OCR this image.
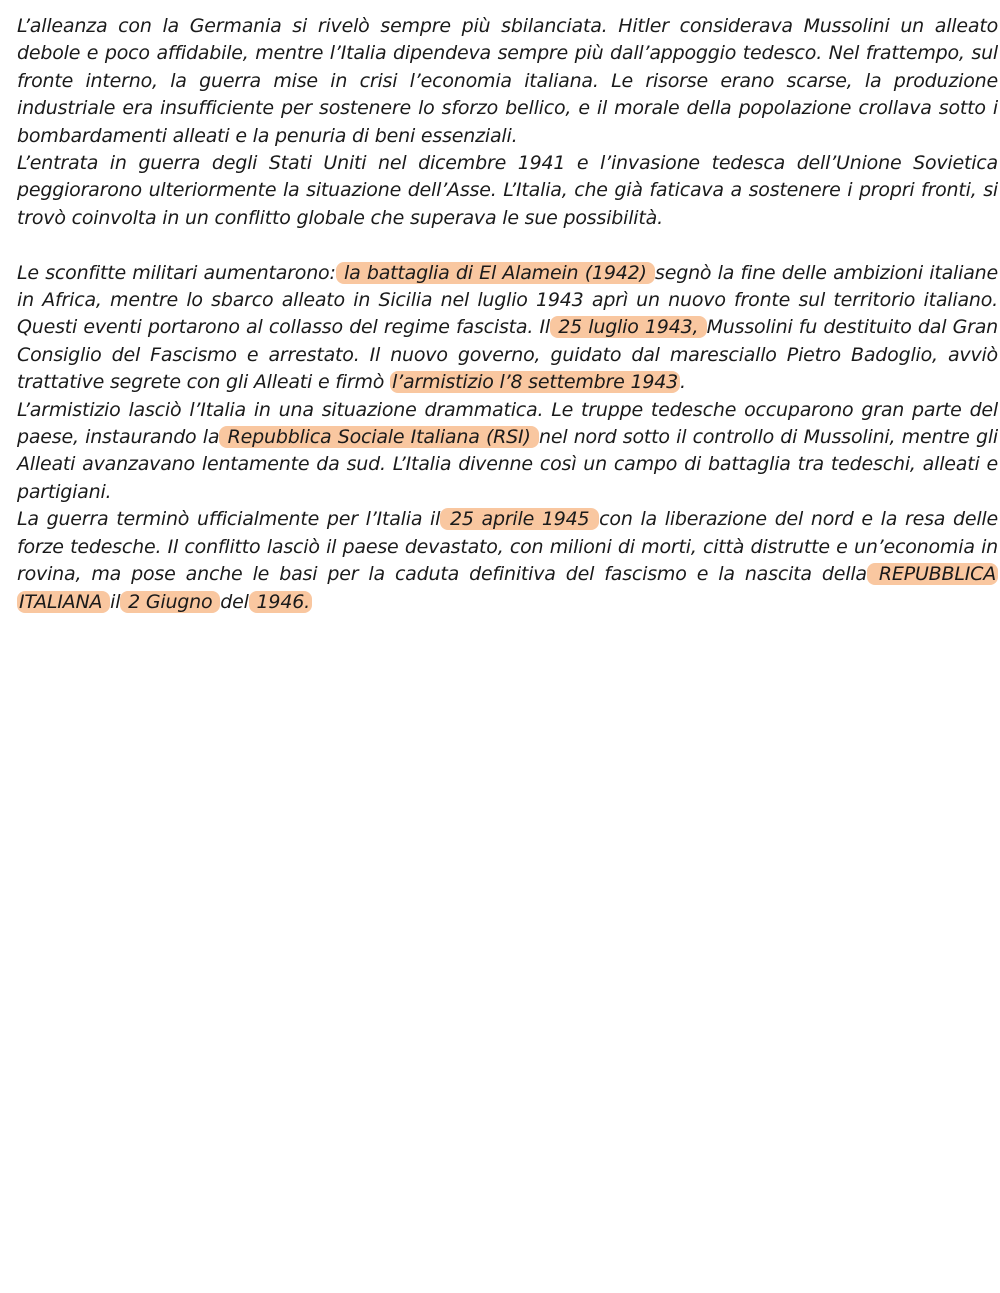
L’alleanza con la Germania si rivelò sempre più sbilanciata. Hitler considerava Mussolini un alleato debole e poco affidabile, mentre l’Italia dipendeva sempre più dall’appoggio tedesco. Nel frattempo, sul fronte interno, la guerra mise in crisi l’economia italiana. Le risorse erano scarse, la produzione industriale era insufficiente per sostenere lo sforzo bellico, e il morale della popolazione crollava sotto i bombardamenti alleati e la penuria di beni essenziali.

L’entrata in guerra degli Stati Uniti nel dicembre 1941 e l’invasione tedesca dell’Unione Sovietica peggiorarono ulteriormente la situazione dell’Asse. L’Italia, che già faticava a sostenere i propri fronti, si trovò coinvolta in un conflitto globale che superava le sue possibilità.

Le sconfitte militari aumentarono: la battaglia di El Alamein (1942) segnò la fine delle ambizioni italiane in Africa, mentre lo sbarco alleato in Sicilia nel luglio 1943 aprì un nuovo fronte sul territorio italiano. Questi eventi portarono al collasso del regime fascista. Il 25 luglio 1943, Mussolini fu destituito dal Gran Consiglio del Fascismo e arrestato. Il nuovo governo, guidato dal maresciallo Pietro Badoglio, avviò trattative segrete con gli Alleati e firmò l’armistizio l’8 settembre 1943 .

L’armistizio lasciò l’Italia in una situazione drammatica. Le truppe tedesche occuparono gran parte del paese, instaurando la Repubblica Sociale Italiana (RSI) nel nord sotto il controllo di Mussolini, mentre gli Alleati avanzavano lentamente da sud. L’Italia divenne così un campo di battaglia tra tedeschi, alleati e partigiani.

La guerra terminò ufficialmente per l’Italia il 25 aprile 1945 con la liberazione del nord e la resa delle forze tedesche. Il conflitto lasciò il paese devastato, con milioni di morti, città distrutte e un’economia in rovina, ma pose anche le basi per la caduta definitiva del fascismo e la nascita della REPUBBLICA ITALIANA il 2 Giugno del 1946.
